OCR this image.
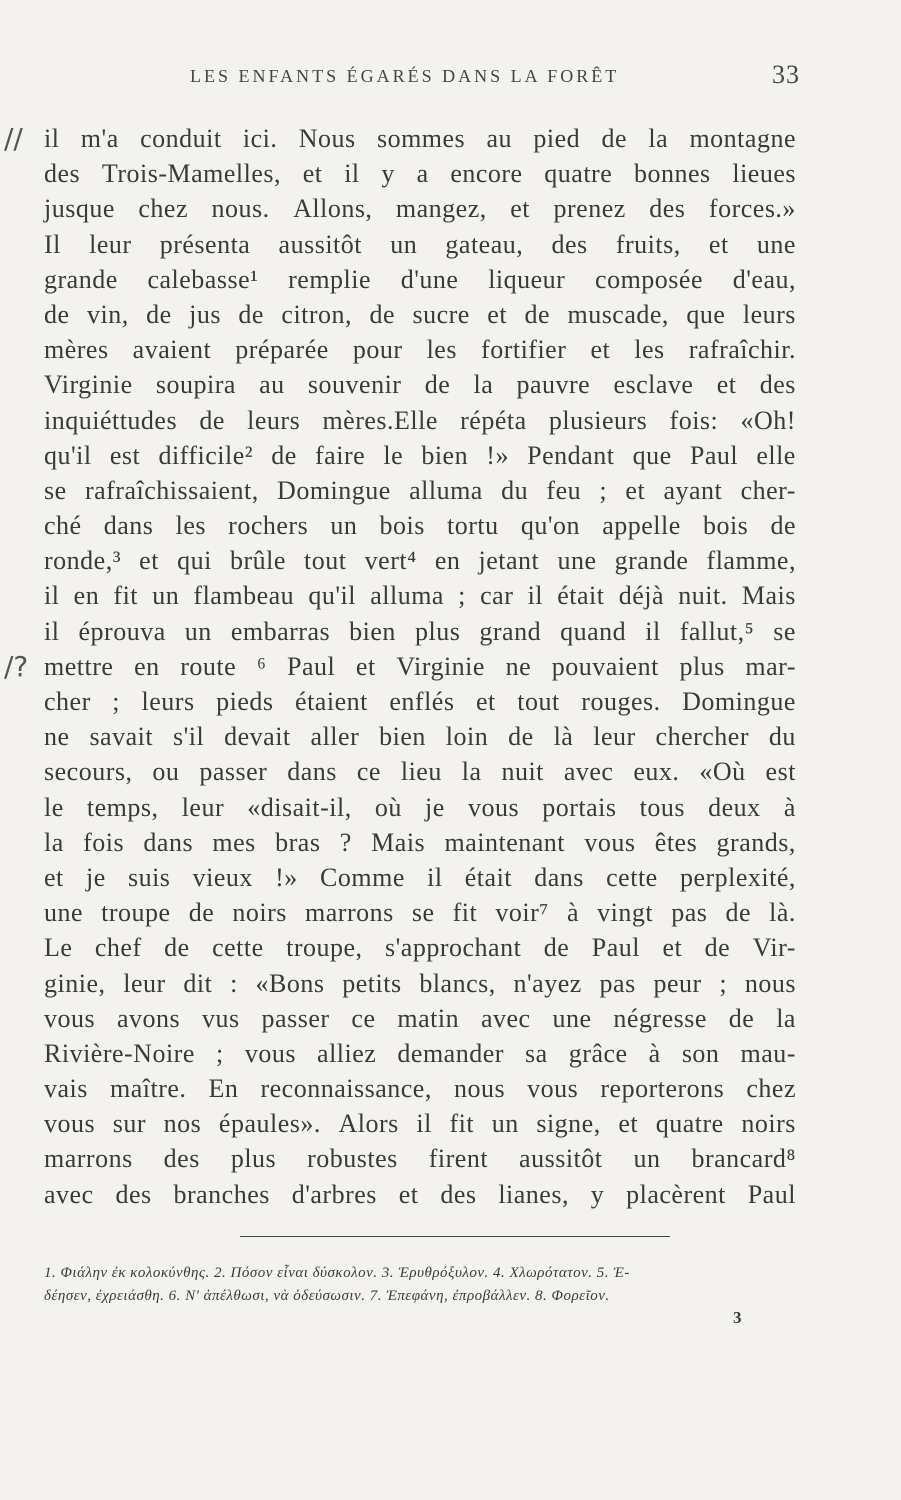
LES ENFANTS ÉGARÉS DANS LA FORÊT	33
//
/?
il m'a conduit ici. Nous sommes au pied de la montagne
des Trois-Mamelles, et il y a encore quatre bonnes lieues
jusque chez nous. Allons, mangez, et prenez des forces.»
Il leur présenta aussitôt un gateau, des fruits, et une
grande calebasse¹ remplie d'une liqueur composée d'eau,
de vin, de jus de citron, de sucre et de muscade, que leurs
mères avaient préparée pour les fortifier et les rafraîchir.
Virginie soupira au souvenir de la pauvre esclave et des
inquiéttudes de leurs mères.Elle répéta plusieurs fois: «Oh!
qu'il est difficile² de faire le bien !» Pendant que Paul elle
se rafraîchissaient, Domingue alluma du feu ; et ayant cher-
ché dans les rochers un bois tortu qu'on appelle bois de
ronde,³ et qui brûle tout vert⁴ en jetant une grande flamme,
il en fit un flambeau qu'il alluma ; car il était déjà nuit. Mais
il éprouva un embarras bien plus grand quand il fallut,⁵ se
mettre en route ⁶ Paul et Virginie ne pouvaient plus mar-
cher ; leurs pieds étaient enflés et tout rouges. Domingue
ne savait s'il devait aller bien loin de là leur chercher du
secours, ou passer dans ce lieu la nuit avec eux. «Où est
le temps, leur «disait-il, où je vous portais tous deux à
la fois dans mes bras ? Mais maintenant vous êtes grands,
et je suis vieux !» Comme il était dans cette perplexité,
une troupe de noirs marrons se fit voir⁷ à vingt pas de là.
Le chef de cette troupe, s'approchant de Paul et de Vir-
ginie, leur dit : «Bons petits blancs, n'ayez pas peur ; nous
vous avons vus passer ce matin avec une négresse de la
Rivière-Noire ; vous alliez demander sa grâce à son mau-
vais maître. En reconnaissance, nous vous reporterons chez
vous sur nos épaules». Alors il fit un signe, et quatre noirs
marrons des plus robustes firent aussitôt un brancard⁸
avec des branches d'arbres et des lianes, y placèrent Paul
1. Φιάλην ἐκ κολοκύνθης. 2. Πόσον εἶναι δύσκολον. 3. Ἐρυθρόξυλον. 4. Χλωρότατον. 5. Ἐ-
δέησεν, ἐχρειάσθη. 6. Ν' ἀπέλθωσι, νὰ ὁδεύσωσιν. 7. Ἐπεφάνη, ἐπροβάλλεν. 8. Φορεῖον.
3
